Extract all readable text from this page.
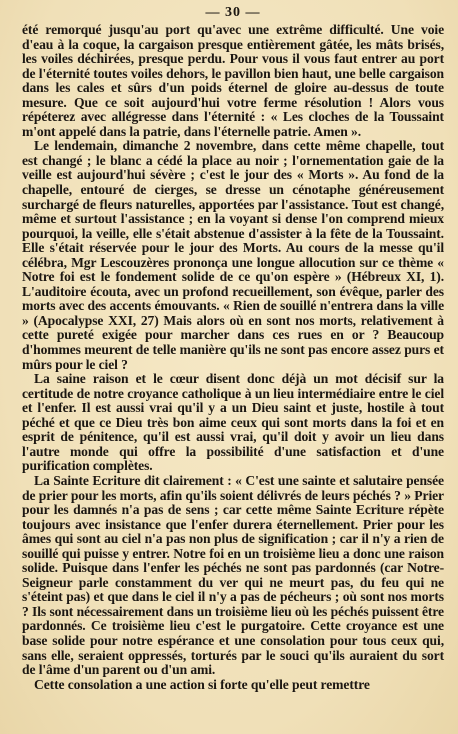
— 30 —

été remorqué jusqu'au port qu'avec une extrême difficulté. Une voie d'eau à la coque, la cargaison presque entièrement gâtée, les mâts brisés, les voiles déchirées, presque perdu. Pour vous il vous faut entrer au port de l'éternité toutes voiles dehors, le pavillon bien haut, une belle cargaison dans les cales et sûrs d'un poids éternel de gloire au-dessus de toute mesure. Que ce soit aujourd'hui votre ferme résolution ! Alors vous répéterez avec allégresse dans l'éternité : « Les cloches de la Toussaint m'ont appelé dans la patrie, dans l'éternelle patrie. Amen ».

Le lendemain, dimanche 2 novembre, dans cette même chapelle, tout est changé ; le blanc a cédé la place au noir ; l'ornementation gaie de la veille est aujourd'hui sévère ; c'est le jour des « Morts ». Au fond de la chapelle, entouré de cierges, se dresse un cénotaphe généreusement surchargé de fleurs naturelles, apportées par l'assistance. Tout est changé, même et surtout l'assistance ; en la voyant si dense l'on comprend mieux pourquoi, la veille, elle s'était abstenue d'assister à la fête de la Toussaint. Elle s'était réservée pour le jour des Morts. Au cours de la messe qu'il célébra, Mgr Lescouzères prononça une longue allocution sur ce thème « Notre foi est le fondement solide de ce qu'on espère » (Hébreux XI, 1). L'auditoire écouta, avec un profond recueillement, son évêque, parler des morts avec des accents émouvants. « Rien de souillé n'entrera dans la ville » (Apocalypse XXI, 27) Mais alors où en sont nos morts, relativement à cette pureté exigée pour marcher dans ces rues en or ? Beaucoup d'hommes meurent de telle manière qu'ils ne sont pas encore assez purs et mûrs pour le ciel ?

La saine raison et le cœur disent donc déjà un mot décisif sur la certitude de notre croyance catholique à un lieu intermédiaire entre le ciel et l'enfer. Il est aussi vrai qu'il y a un Dieu saint et juste, hostile à tout péché et que ce Dieu très bon aime ceux qui sont morts dans la foi et en esprit de pénitence, qu'il est aussi vrai, qu'il doit y avoir un lieu dans l'autre monde qui offre la possibilité d'une satisfaction et d'une purification complètes.

La Sainte Ecriture dit clairement : « C'est une sainte et salutaire pensée de prier pour les morts, afin qu'ils soient délivrés de leurs péchés ? » Prier pour les damnés n'a pas de sens ; car cette même Sainte Ecriture répète toujours avec insistance que l'enfer durera éternellement. Prier pour les âmes qui sont au ciel n'a pas non plus de signification ; car il n'y a rien de souillé qui puisse y entrer. Notre foi en un troisième lieu a donc une raison solide. Puisque dans l'enfer les péchés ne sont pas pardonnés (car Notre-Seigneur parle constamment du ver qui ne meurt pas, du feu qui ne s'éteint pas) et que dans le ciel il n'y a pas de pécheurs ; où sont nos morts ? Ils sont nécessairement dans un troisième lieu où les péchés puissent être pardonnés. Ce troisième lieu c'est le purgatoire. Cette croyance est une base solide pour notre espérance et une consolation pour tous ceux qui, sans elle, seraient oppressés, torturés par le souci qu'ils auraient du sort de l'âme d'un parent ou d'un ami.

Cette consolation a une action si forte qu'elle peut remettre
